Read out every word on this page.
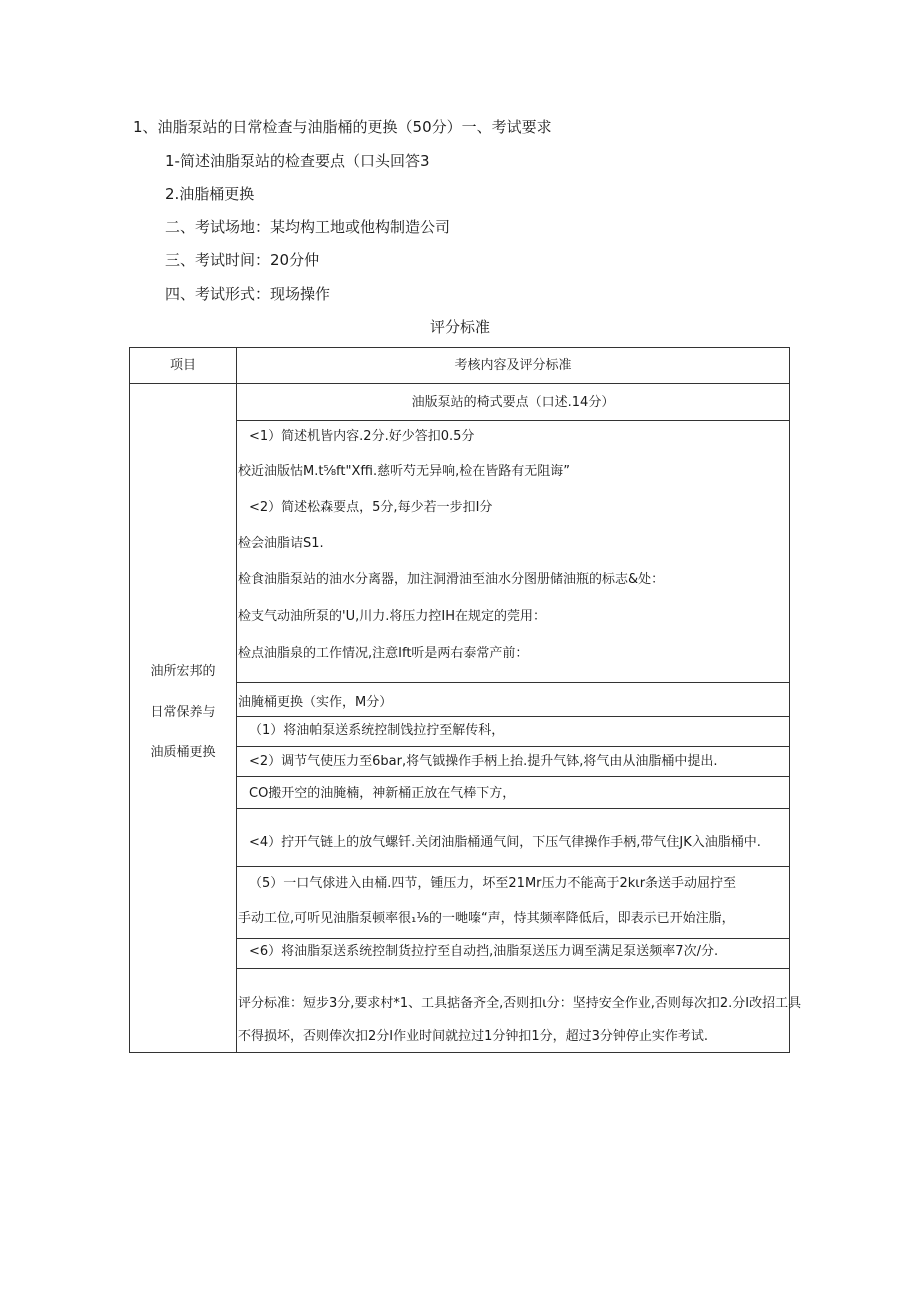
1、油脂泵站的日常检查与油脂桶的更换（50分）一、考试要求
1-简述油脂泵站的检查要点（口头回答3
2.油脂桶更换
二、考试场地：某均构工地或他构制造公司
三、考试时间：20分仲
四、考试形式：现场操作
评分标准
项目	考核内容及评分标准
油所宏邦的
日常保养与
油质桶更换
油版泵站的椅式要点（口述.14分）
<1）简述机皆内容.2分.好少答扣0.5分
校近油版怙M.t⅝ft"Xffi.慈听芍无异响,检在皆路有无阻诲”
<2）简述松森要点，5分,每少若一步扣I分
检会油脂诘S1.
检食油脂泵站的油水分离器，加注洞滑油至油水分图册储油瓶的标志&处：
检支气动油所泵的'U,川力.将压力控IH在规定的莞用：
检点油脂泉的工作情况,注意Ift听是两右泰常产前：
油腌桶更换（实作，M分）
（1）将油帕泵送系统控制饯拉拧至解传科，
<2）调节气使压力至6bar,将气钺操作手柄上抬.提升气钵,将气由从油脂桶中提出.
CO搬开空的油腌楠，神新桶正放在气棒下方，
<4）拧开气链上的放气螺钎.关闭油脂桶通气间，下压气律操作手柄,带气住JK入油脂桶中.
（5）一口气俅进入由桶.四节，锺压力，坏至21Mr压力不能高于2kιr条送手动屈拧至
手动工位,可听见油脂泵顿率很₁⅛的一哋嗪“声，恃其频率降低后，即表示已开始注脂，
<6）将油脂泵送系统控制货拉拧至自动挡,油脂泵送压力调至满足泵送频率7次/分.
评分标准：短步3分,要求村*1、工具掂备齐全,否则扣ι分：坚持安全作业,否则每次扣2.分I改招工具
不得损坏，否则俸次扣2分I作业时间就拉过1分钟扣1分，超过3分钟停止实作考试.
